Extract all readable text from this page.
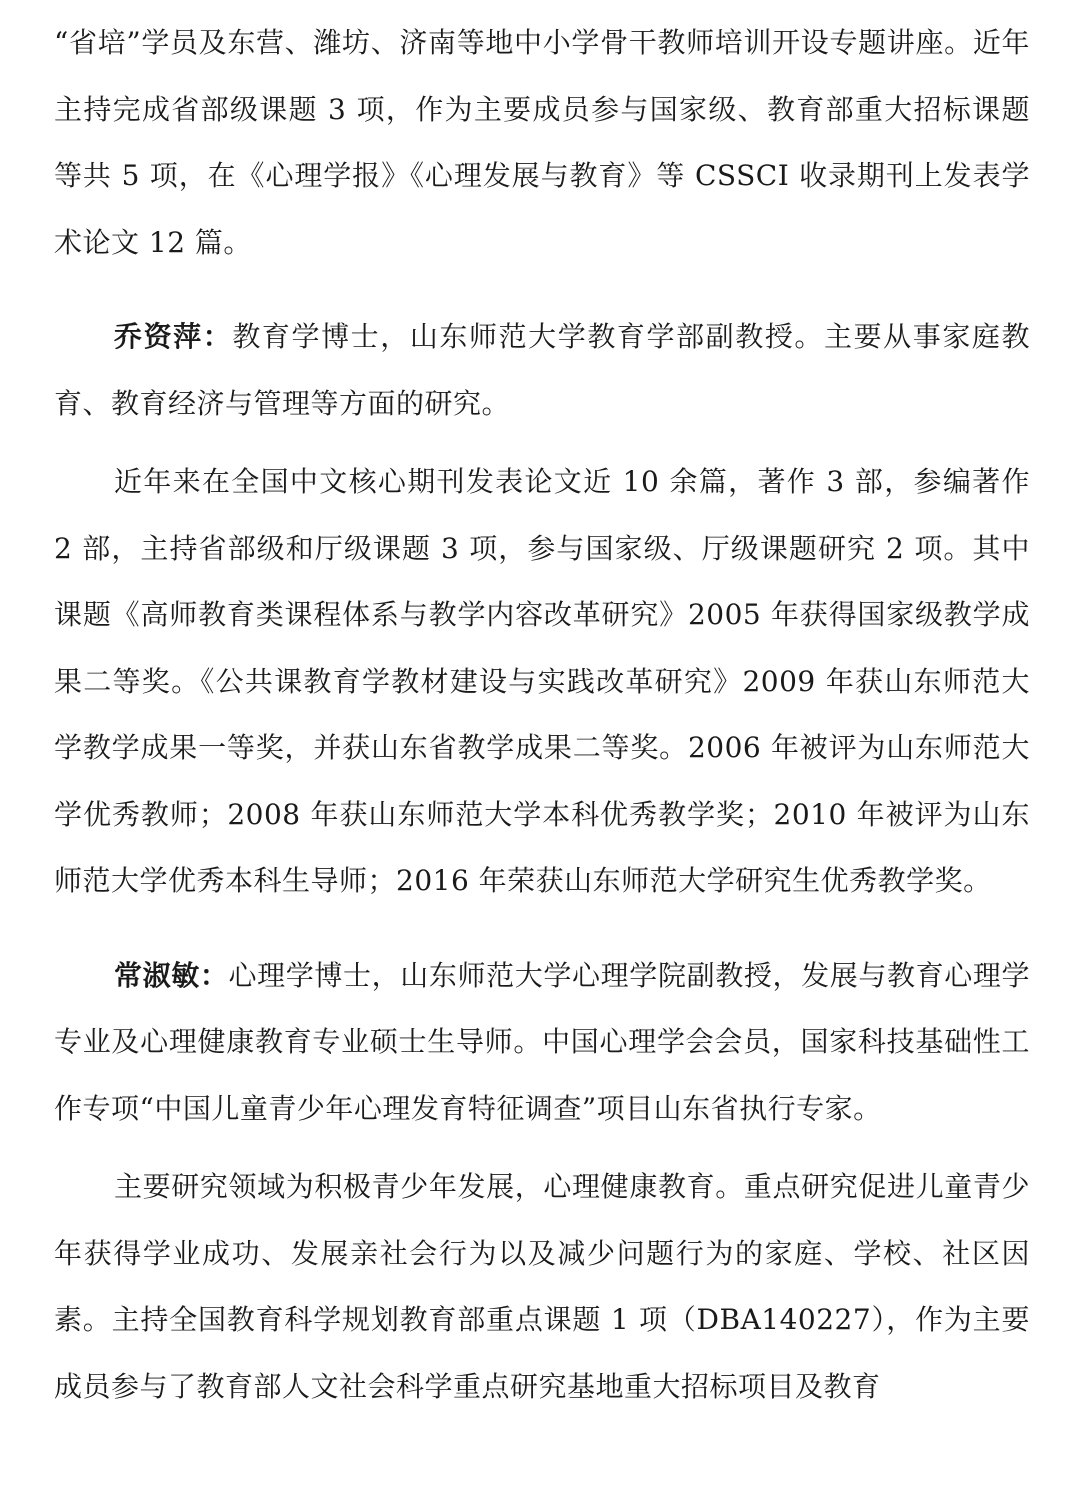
“省培”学员及东营、潍坊、济南等地中小学骨干教师培训开设专题讲座。近年主持完成省部级课题 3 项，作为主要成员参与国家级、教育部重大招标课题等共 5 项，在《心理学报》《心理发展与教育》等 CSSCI 收录期刊上发表学术论文 12 篇。

乔资萍：教育学博士，山东师范大学教育学部副教授。主要从事家庭教育、教育经济与管理等方面的研究。

近年来在全国中文核心期刊发表论文近 10 余篇，著作 3 部，参编著作 2 部，主持省部级和厅级课题 3 项，参与国家级、厅级课题研究 2 项。其中课题《高师教育类课程体系与教学内容改革研究》2005 年获得国家级教学成果二等奖。《公共课教育学教材建设与实践改革研究》2009 年获山东师范大学教学成果一等奖，并获山东省教学成果二等奖。2006 年被评为山东师范大学优秀教师；2008 年获山东师范大学本科优秀教学奖；2010 年被评为山东师范大学优秀本科生导师；2016 年荣获山东师范大学研究生优秀教学奖。

常淑敏：心理学博士，山东师范大学心理学院副教授，发展与教育心理学专业及心理健康教育专业硕士生导师。中国心理学会会员，国家科技基础性工作专项“中国儿童青少年心理发育特征调查”项目山东省执行专家。

主要研究领域为积极青少年发展，心理健康教育。重点研究促进儿童青少年获得学业成功、发展亲社会行为以及减少问题行为的家庭、学校、社区因素。主持全国教育科学规划教育部重点课题 1 项（DBA140227），作为主要成员参与了教育部人文社会科学重点研究基地重大招标项目及教育
